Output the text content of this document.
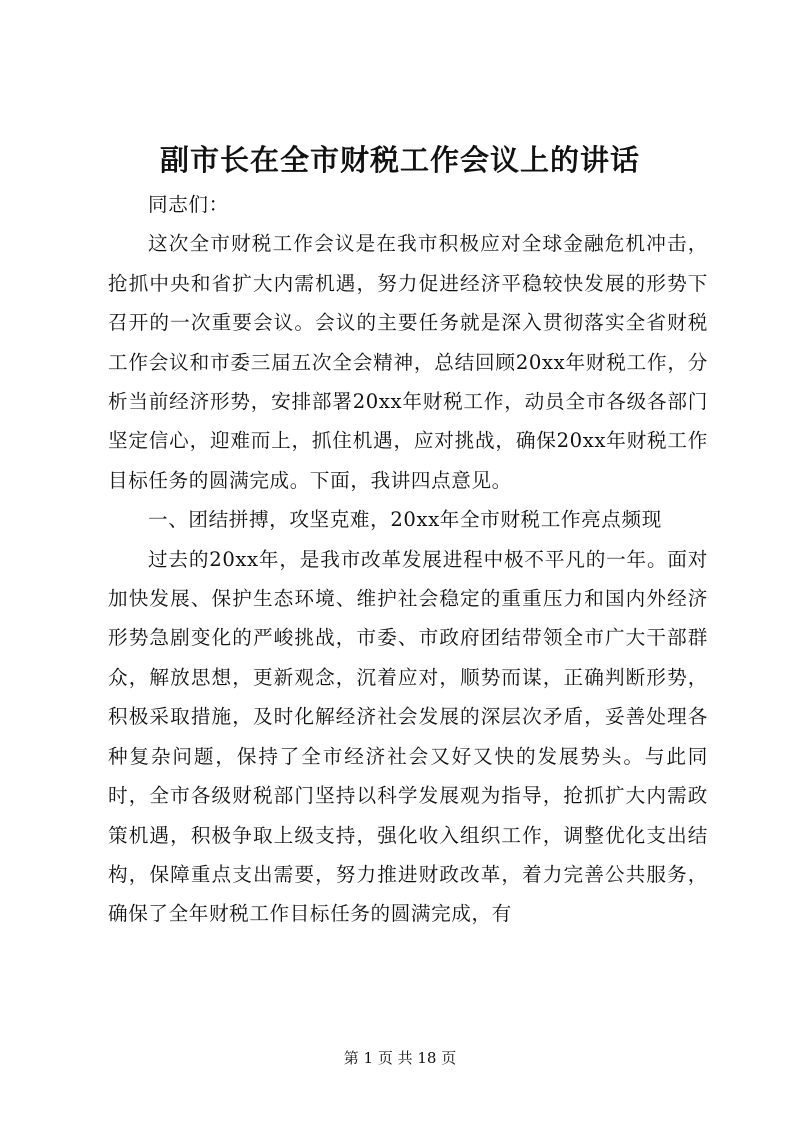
副市长在全市财税工作会议上的讲话

同志们：

这次全市财税工作会议是在我市积极应对全球金融危机冲击，抢抓中央和省扩大内需机遇，努力促进经济平稳较快发展的形势下召开的一次重要会议。会议的主要任务就是深入贯彻落实全省财税工作会议和市委三届五次全会精神，总结回顾20xx年财税工作，分析当前经济形势，安排部署20xx年财税工作，动员全市各级各部门坚定信心，迎难而上，抓住机遇，应对挑战，确保20xx年财税工作目标任务的圆满完成。下面，我讲四点意见。

一、团结拼搏，攻坚克难，20xx年全市财税工作亮点频现

过去的20xx年，是我市改革发展进程中极不平凡的一年。面对加快发展、保护生态环境、维护社会稳定的重重压力和国内外经济形势急剧变化的严峻挑战，市委、市政府团结带领全市广大干部群众，解放思想，更新观念，沉着应对，顺势而谋，正确判断形势，积极采取措施，及时化解经济社会发展的深层次矛盾，妥善处理各种复杂问题，保持了全市经济社会又好又快的发展势头。与此同时，全市各级财税部门坚持以科学发展观为指导，抢抓扩大内需政策机遇，积极争取上级支持，强化收入组织工作，调整优化支出结构，保障重点支出需要，努力推进财政改革，着力完善公共服务，确保了全年财税工作目标任务的圆满完成，有

第 1 页 共 18 页
